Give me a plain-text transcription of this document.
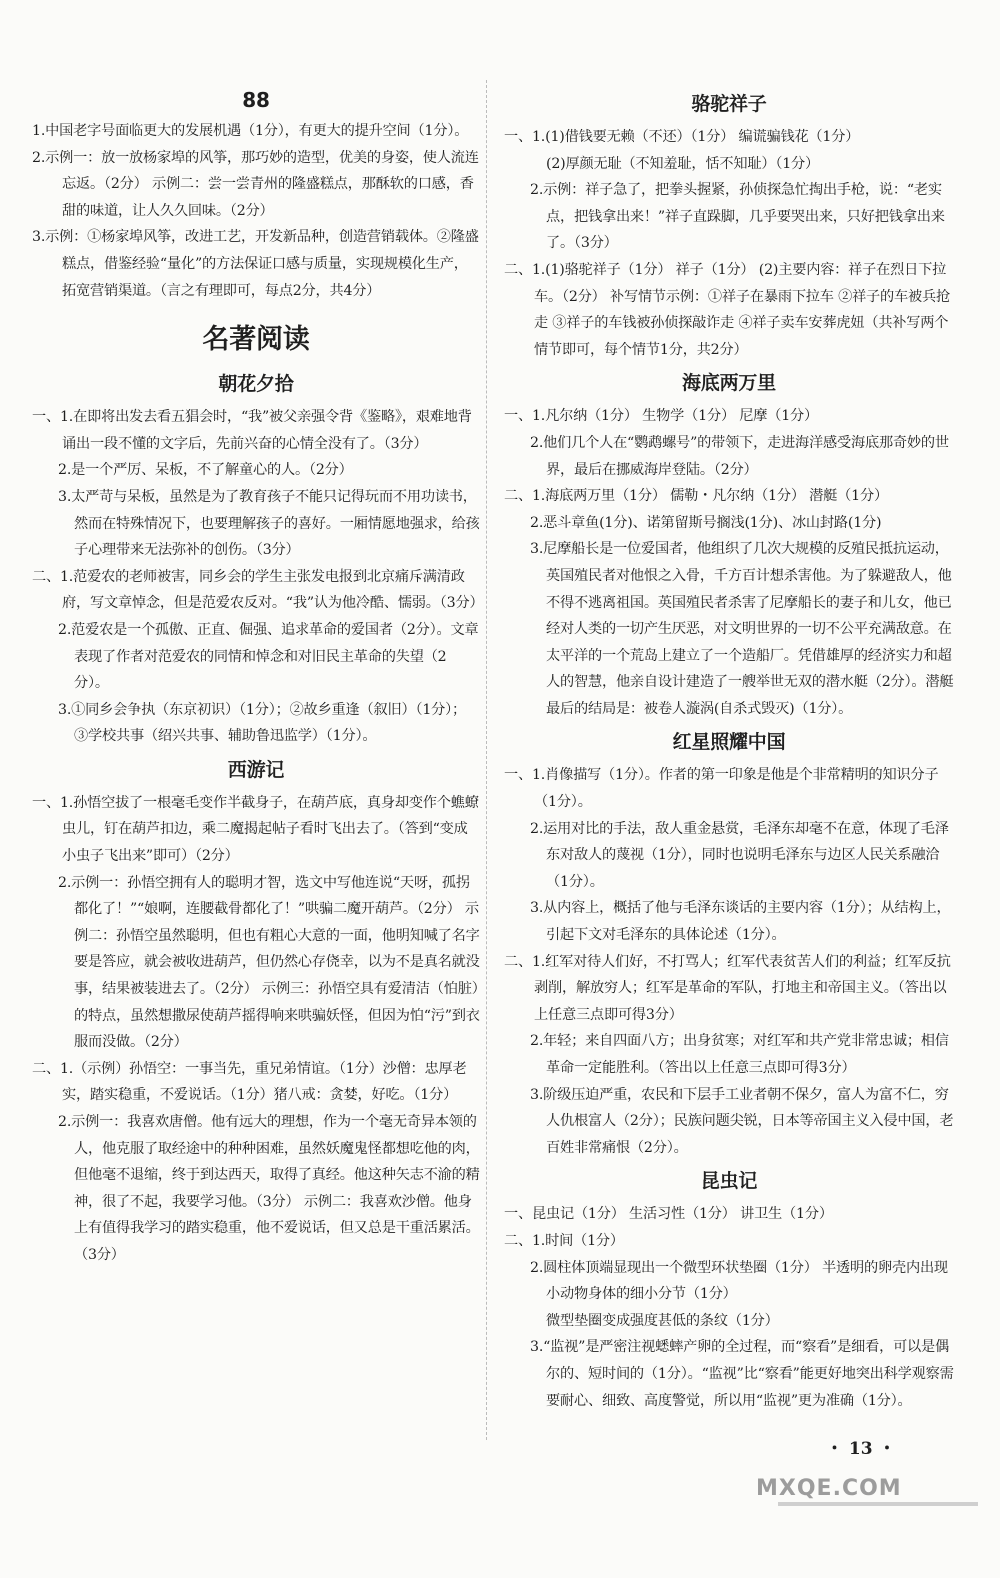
88

1.中国老字号面临更大的发展机遇（1分），有更大的提升空间（1分）。

2.示例一：放一放杨家埠的风筝，那巧妙的造型，优美的身姿，使人流连忘返。（2分） 示例二：尝一尝青州的隆盛糕点，那酥软的口感，香甜的味道，让人久久回味。（2分）

3.示例：①杨家埠风筝，改进工艺，开发新品种，创造营销载体。②隆盛糕点，借鉴经验“量化”的方法保证口感与质量，实现规模化生产，拓宽营销渠道。（言之有理即可，每点2分，共4分）

名著阅读
朝花夕拾

一、1.在即将出发去看五猖会时，“我”被父亲强令背《鉴略》，艰难地背诵出一段不懂的文字后，先前兴奋的心情全没有了。（3分）

2.是一个严厉、呆板，不了解童心的人。（2分）

3.太严苛与呆板，虽然是为了教育孩子不能只记得玩而不用功读书，然而在特殊情况下，也要理解孩子的喜好。一厢情愿地强求，给孩子心理带来无法弥补的创伤。（3分）

二、1.范爱农的老师被害，同乡会的学生主张发电报到北京痛斥满清政府，写文章悼念，但是范爱农反对。“我”认为他冷酷、懦弱。（3分）

2.范爱农是一个孤傲、正直、倔强、追求革命的爱国者（2分）。文章表现了作者对范爱农的同情和悼念和对旧民主革命的失望（2分）。

3.①同乡会争执（东京初识）（1分）；②故乡重逢（叙旧）（1分）；③学校共事（绍兴共事、辅助鲁迅监学）（1分）。

西游记

一、1.孙悟空拔了一根毫毛变作半截身子，在葫芦底，真身却变作个蟭蟟虫儿，钉在葫芦扣边，乘二魔揭起帖子看时飞出去了。（答到“变成小虫子飞出来”即可）（2分）

2.示例一：孙悟空拥有人的聪明才智，选文中写他连说“天呀，孤拐都化了！”“娘啊，连腰截骨都化了！”哄骗二魔开葫芦。（2分） 示例二：孙悟空虽然聪明，但也有粗心大意的一面，他明知喊了名字要是答应，就会被收进葫芦，但仍然心存侥幸，以为不是真名就没事，结果被装进去了。（2分） 示例三：孙悟空具有爱清洁（怕脏）的特点，虽然想撒尿使葫芦摇得响来哄骗妖怪，但因为怕“污”到衣服而没做。（2分）

二、1.（示例）孙悟空：一事当先，重兄弟情谊。（1分）沙僧：忠厚老实，踏实稳重，不爱说话。（1分）猪八戒：贪婪，好吃。（1分）

2.示例一：我喜欢唐僧。他有远大的理想，作为一个毫无奇异本领的人，他克服了取经途中的种种困难，虽然妖魔鬼怪都想吃他的肉，但他毫不退缩，终于到达西天，取得了真经。他这种矢志不渝的精神，很了不起，我要学习他。（3分） 示例二：我喜欢沙僧。他身上有值得我学习的踏实稳重，他不爱说话，但又总是干重活累活。（3分）

骆驼祥子

一、1.(1)借钱要无赖（不还）（1分） 编谎骗钱花（1分）

(2)厚颜无耻（不知羞耻，恬不知耻）（1分）

2.示例：祥子急了，把拳头握紧，孙侦探急忙掏出手枪，说：“老实点，把钱拿出来！”祥子直跺脚，几乎要哭出来，只好把钱拿出来了。（3分）

二、1.(1)骆驼祥子（1分） 祥子（1分） (2)主要内容：祥子在烈日下拉车。（2分） 补写情节示例：①祥子在暴雨下拉车 ②祥子的车被兵抢走 ③祥子的车钱被孙侦探敲诈走 ④祥子卖车安葬虎妞（共补写两个情节即可，每个情节1分，共2分）

海底两万里

一、1.凡尔纳（1分） 生物学（1分） 尼摩（1分）

2.他们几个人在“鹦鹉螺号”的带领下，走进海洋感受海底那奇妙的世界，最后在挪威海岸登陆。（2分）

二、1.海底两万里（1分） 儒勒・凡尔纳（1分） 潜艇（1分）

2.恶斗章鱼(1分)、诺第留斯号搁浅(1分)、冰山封路(1分)

3.尼摩船长是一位爱国者，他组织了几次大规模的反殖民抵抗运动，英国殖民者对他恨之入骨，千方百计想杀害他。为了躲避敌人，他不得不逃离祖国。英国殖民者杀害了尼摩船长的妻子和儿女，他已经对人类的一切产生厌恶，对文明世界的一切不公平充满敌意。在太平洋的一个荒岛上建立了一个造船厂。凭借雄厚的经济实力和超人的智慧，他亲自设计建造了一艘举世无双的潜水艇（2分）。潜艇最后的结局是：被卷人漩涡(自杀式毁灭)（1分）。

红星照耀中国

一、1.肖像描写（1分）。作者的第一印象是他是个非常精明的知识分子（1分）。

2.运用对比的手法，敌人重金悬赏，毛泽东却毫不在意，体现了毛泽东对敌人的蔑视（1分），同时也说明毛泽东与边区人民关系融洽（1分）。

3.从内容上，概括了他与毛泽东谈话的主要内容（1分）；从结构上，引起下文对毛泽东的具体论述（1分）。

二、1.红军对待人们好，不打骂人；红军代表贫苦人们的利益；红军反抗剥削，解放穷人；红军是革命的军队，打地主和帝国主义。（答出以上任意三点即可得3分）

2.年轻；来自四面八方；出身贫寒；对红军和共产党非常忠诚；相信革命一定能胜利。（答出以上任意三点即可得3分）

3.阶级压迫严重，农民和下层手工业者朝不保夕，富人为富不仁，穷人仇根富人（2分）；民族问题尖锐，日本等帝国主义入侵中国，老百姓非常痛恨（2分）。

昆虫记

一、昆虫记（1分） 生活习性（1分） 讲卫生（1分）

二、1.时间（1分）

2.圆柱体顶端显现出一个微型环状垫圈（1分） 半透明的卵壳内出现小动物身体的细小分节（1分）

微型垫圈变成强度甚低的条纹（1分）

3.“监视”是严密注视蟋蟀产卵的全过程，而“察看”是细看，可以是偶尔的、短时间的（1分）。“监视”比“察看”能更好地突出科学观察需要耐心、细致、高度警觉，所以用“监视”更为准确（1分）。

・ 13 ・
MXQE.COM
